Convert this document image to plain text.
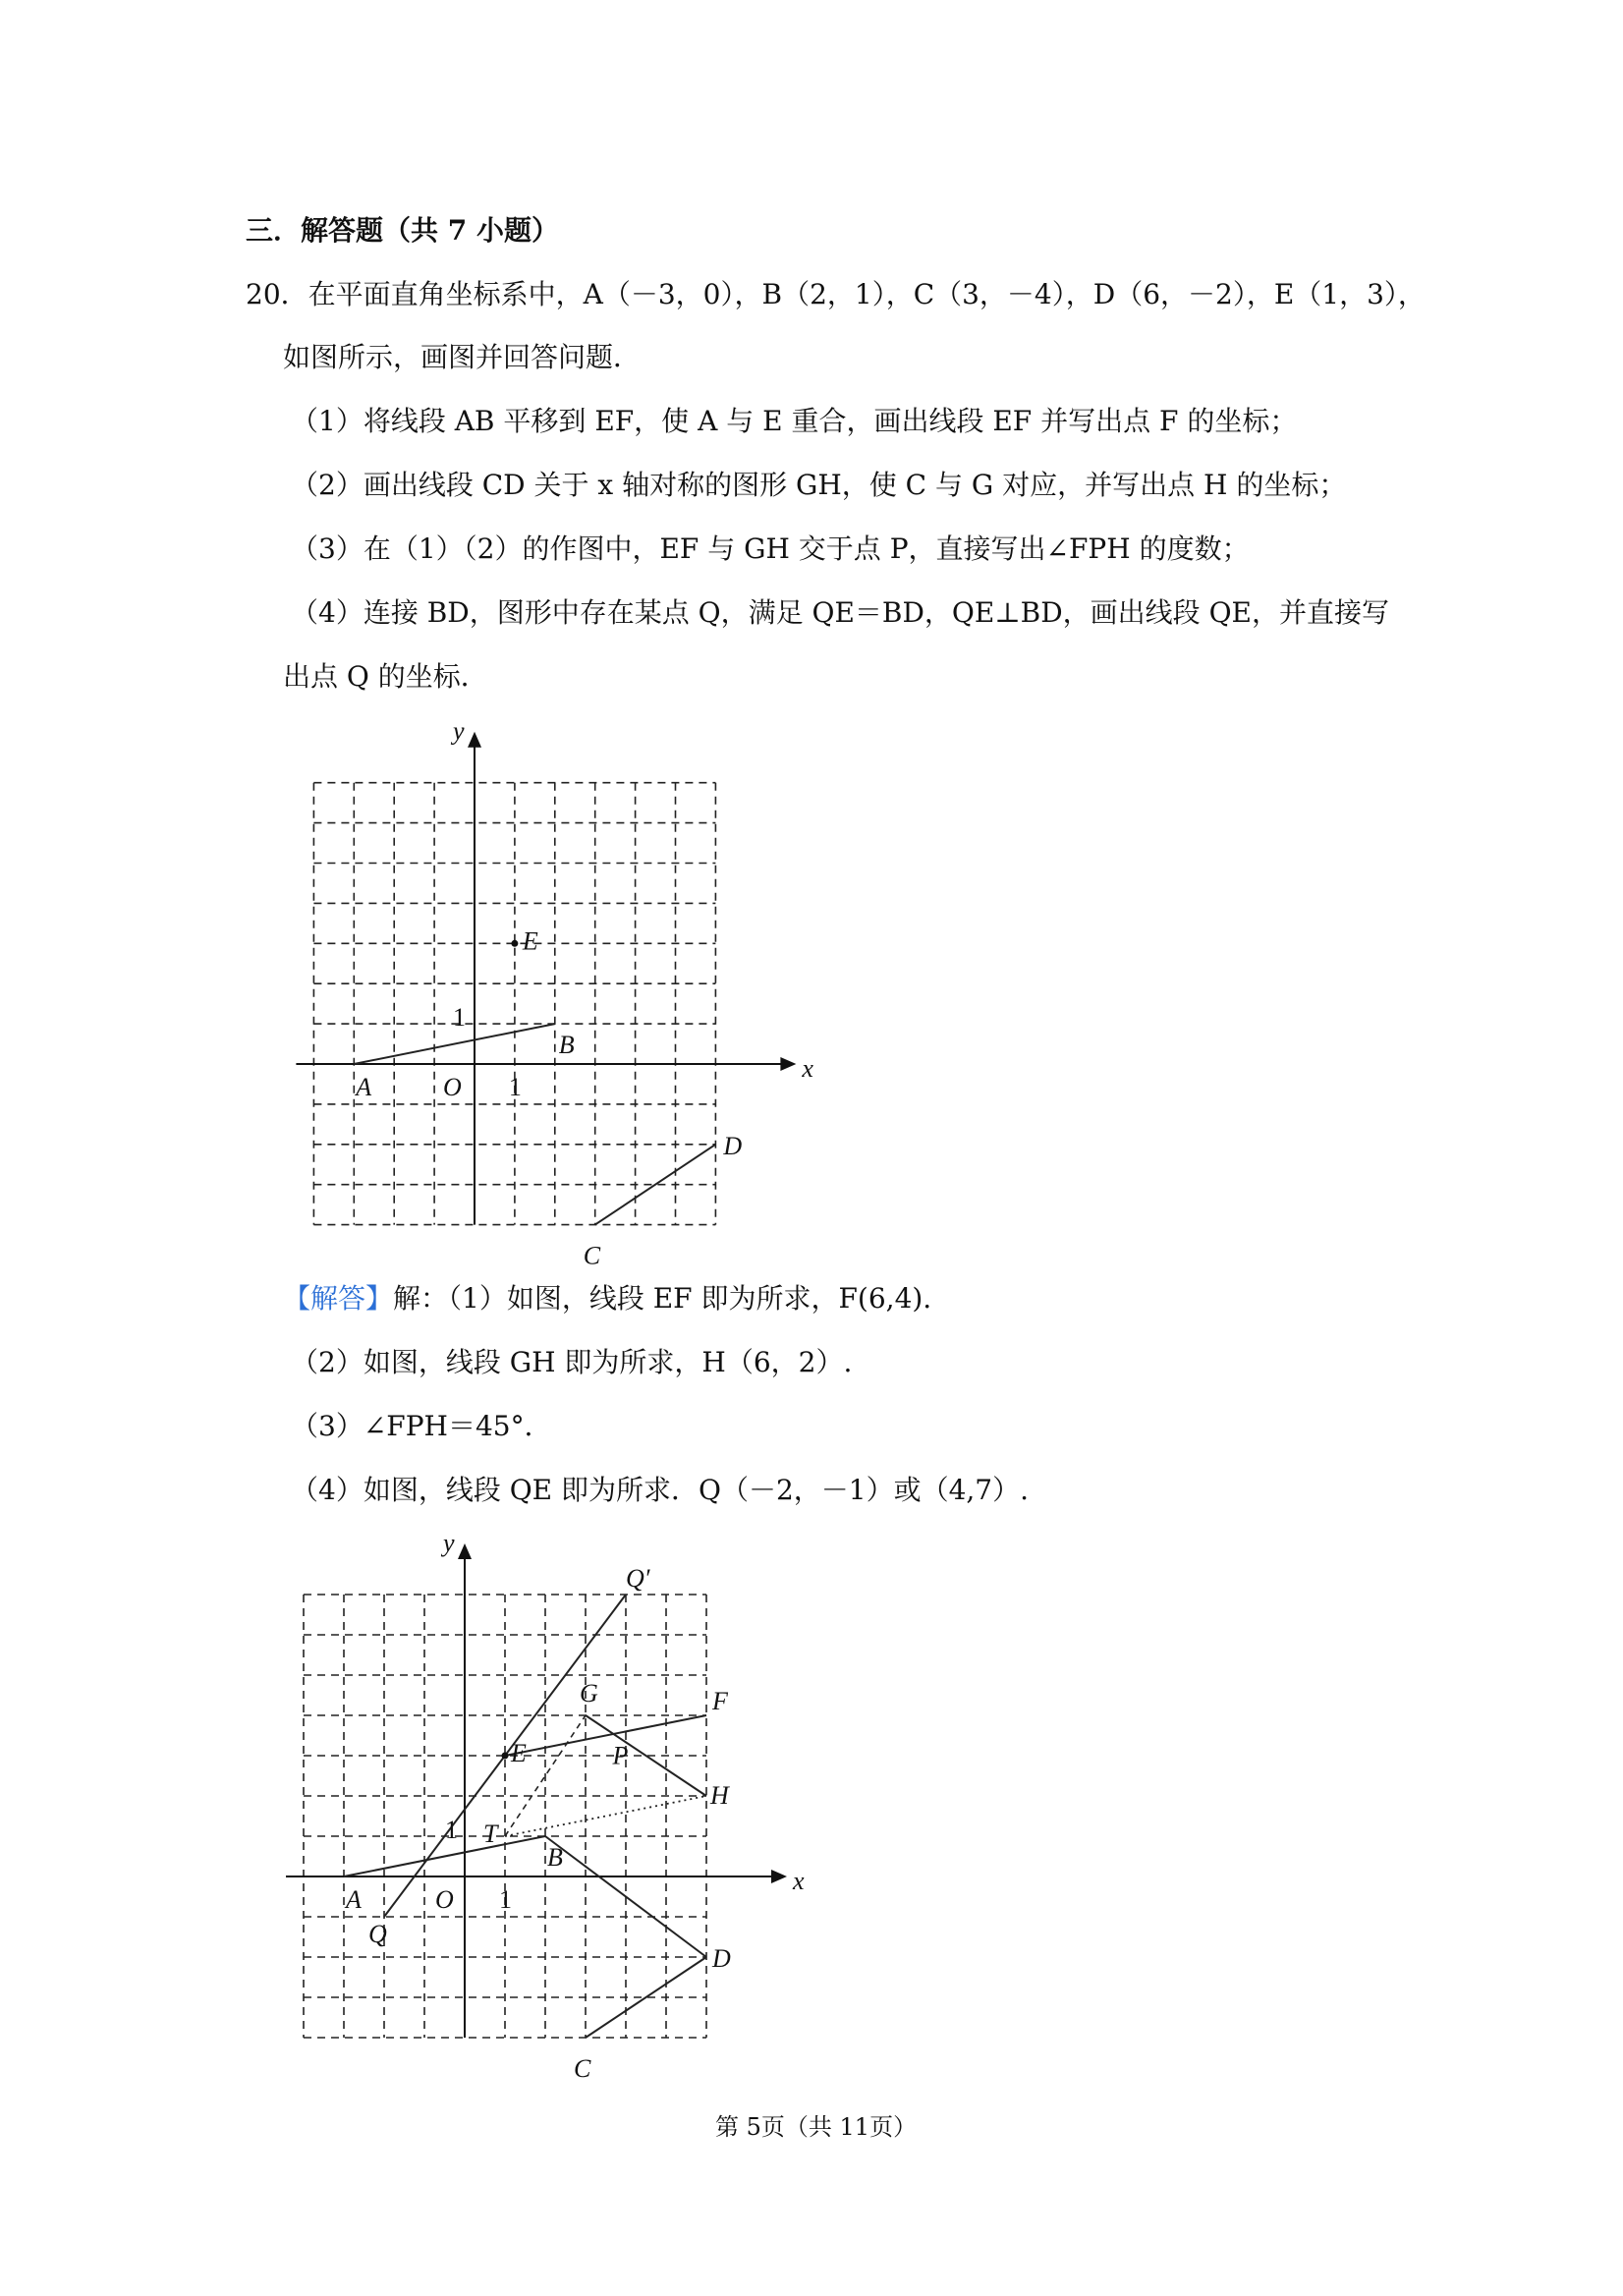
三．解答题（共 7 小题）
20．在平面直角坐标系中，A（－3，0），B（2，1），C（3，－4），D（6，－2），E（1，3），
如图所示，画图并回答问题．
（1）将线段 AB 平移到 EF，使 A 与 E 重合，画出线段 EF 并写出点 F 的坐标；
（2）画出线段 CD 关于 x 轴对称的图形 GH，使 C 与 G 对应，并写出点 H 的坐标；
（3）在（1）（2）的作图中，EF 与 GH 交于点 P，直接写出∠FPH 的度数；
（4）连接 BD，图形中存在某点 Q，满足 QE＝BD，QE⊥BD，画出线段 QE，并直接写
出点 Q 的坐标．
x
y
O 1
1
A
B
C
D
E
【解答】解：（1）如图，线段 EF 即为所求，F(6,4).
（2）如图，线段 GH 即为所求，H（6，2）.
（3）∠FPH＝45°．
（4）如图，线段 QE 即为所求．Q（－2，－1）或（4,7）.
x
y
O 1
1
A
B
C
D
E
F
G
H
P
Q
Q′
T
第 5页（共 11页）
